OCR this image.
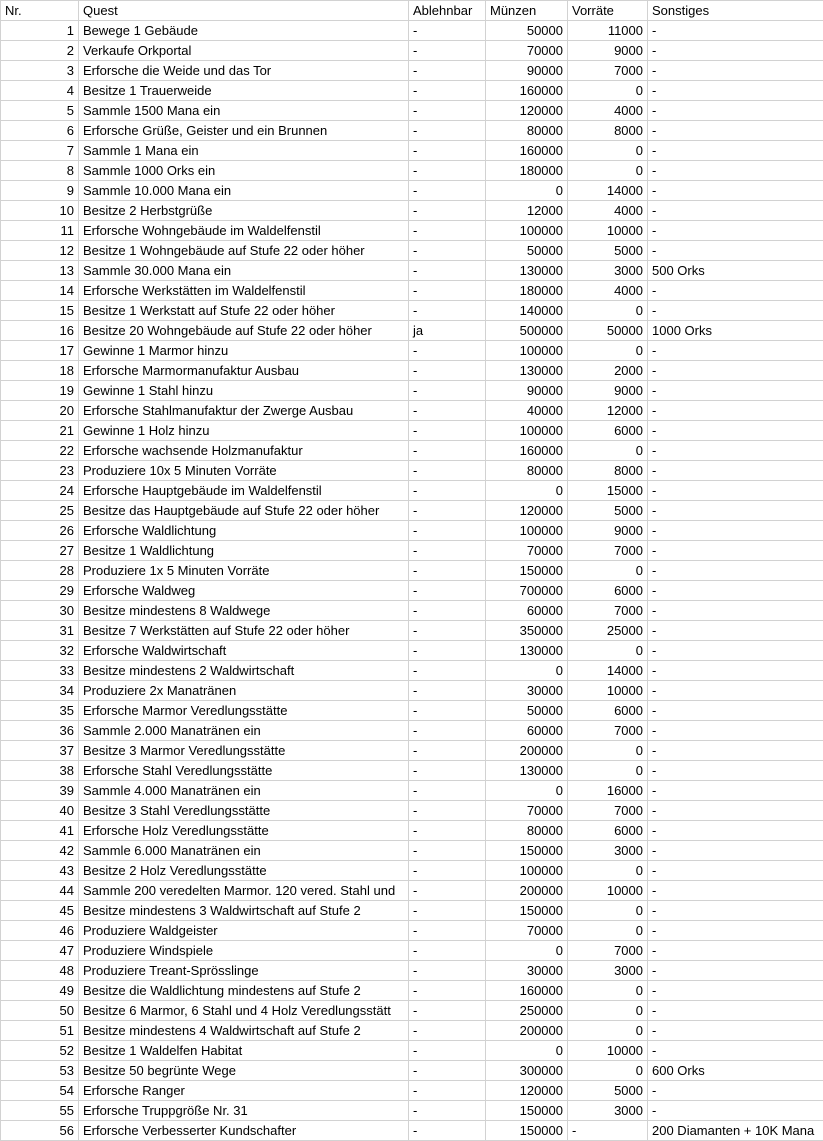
Nr.	Quest	Ablehnbar	Münzen	Vorräte	Sonstiges
1	Bewege 1 Gebäude	-	50000	11000	-
2	Verkaufe Orkportal	-	70000	9000	-
3	Erforsche die Weide und das Tor	-	90000	7000	-
4	Besitze 1 Trauerweide	-	160000	0	-
5	Sammle 1500 Mana ein	-	120000	4000	-
6	Erforsche Grüße, Geister und ein Brunnen	-	80000	8000	-
7	Sammle 1 Mana ein	-	160000	0	-
8	Sammle 1000 Orks ein	-	180000	0	-
9	Sammle 10.000 Mana ein	-	0	14000	-
10	Besitze 2 Herbstgrüße	-	12000	4000	-
11	Erforsche Wohngebäude im Waldelfenstil	-	100000	10000	-
12	Besitze 1 Wohngebäude auf Stufe 22 oder höher	-	50000	5000	-
13	Sammle 30.000 Mana ein	-	130000	3000	500 Orks
14	Erforsche Werkstätten im Waldelfenstil	-	180000	4000	-
15	Besitze 1 Werkstatt auf Stufe 22 oder höher	-	140000	0	-
16	Besitze 20 Wohngebäude auf Stufe 22 oder höher	ja	500000	50000	1000 Orks
17	Gewinne 1 Marmor hinzu	-	100000	0	-
18	Erforsche Marmormanufaktur Ausbau	-	130000	2000	-
19	Gewinne 1 Stahl hinzu	-	90000	9000	-
20	Erforsche Stahlmanufaktur der Zwerge Ausbau	-	40000	12000	-
21	Gewinne 1 Holz hinzu	-	100000	6000	-
22	Erforsche wachsende Holzmanufaktur	-	160000	0	-
23	Produziere 10x 5 Minuten Vorräte	-	80000	8000	-
24	Erforsche Hauptgebäude im Waldelfenstil	-	0	15000	-
25	Besitze das Hauptgebäude auf Stufe 22 oder höher	-	120000	5000	-
26	Erforsche Waldlichtung	-	100000	9000	-
27	Besitze 1 Waldlichtung	-	70000	7000	-
28	Produziere 1x 5 Minuten Vorräte	-	150000	0	-
29	Erforsche Waldweg	-	700000	6000	-
30	Besitze mindestens 8 Waldwege	-	60000	7000	-
31	Besitze 7 Werkstätten auf Stufe 22 oder höher	-	350000	25000	-
32	Erforsche Waldwirtschaft	-	130000	0	-
33	Besitze mindestens 2 Waldwirtschaft	-	0	14000	-
34	Produziere 2x Manatränen	-	30000	10000	-
35	Erforsche Marmor Veredlungsstätte	-	50000	6000	-
36	Sammle 2.000 Manatränen ein	-	60000	7000	-
37	Besitze 3 Marmor Veredlungsstätte	-	200000	0	-
38	Erforsche Stahl Veredlungsstätte	-	130000	0	-
39	Sammle 4.000 Manatränen ein	-	0	16000	-
40	Besitze 3 Stahl Veredlungsstätte	-	70000	7000	-
41	Erforsche Holz Veredlungsstätte	-	80000	6000	-
42	Sammle 6.000 Manatränen ein	-	150000	3000	-
43	Besitze 2 Holz Veredlungsstätte	-	100000	0	-
44	Sammle 200 veredelten Marmor. 120 vered. Stahl und	-	200000	10000	-
45	Besitze mindestens 3 Waldwirtschaft auf Stufe 2	-	150000	0	-
46	Produziere Waldgeister	-	70000	0	-
47	Produziere Windspiele	-	0	7000	-
48	Produziere Treant-Sprösslinge	-	30000	3000	-
49	Besitze die Waldlichtung mindestens auf Stufe 2	-	160000	0	-
50	Besitze 6 Marmor, 6 Stahl und 4 Holz Veredlungsstätt	-	250000	0	-
51	Besitze mindestens 4 Waldwirtschaft auf Stufe 2	-	200000	0	-
52	Besitze 1 Waldelfen Habitat	-	0	10000	-
53	Besitze 50 begrünte Wege	-	300000	0	600 Orks
54	Erforsche Ranger	-	120000	5000	-
55	Erforsche Truppgröße Nr. 31	-	150000	3000	-
56	Erforsche Verbesserter Kundschafter	-	150000	-	200 Diamanten + 10K Mana
